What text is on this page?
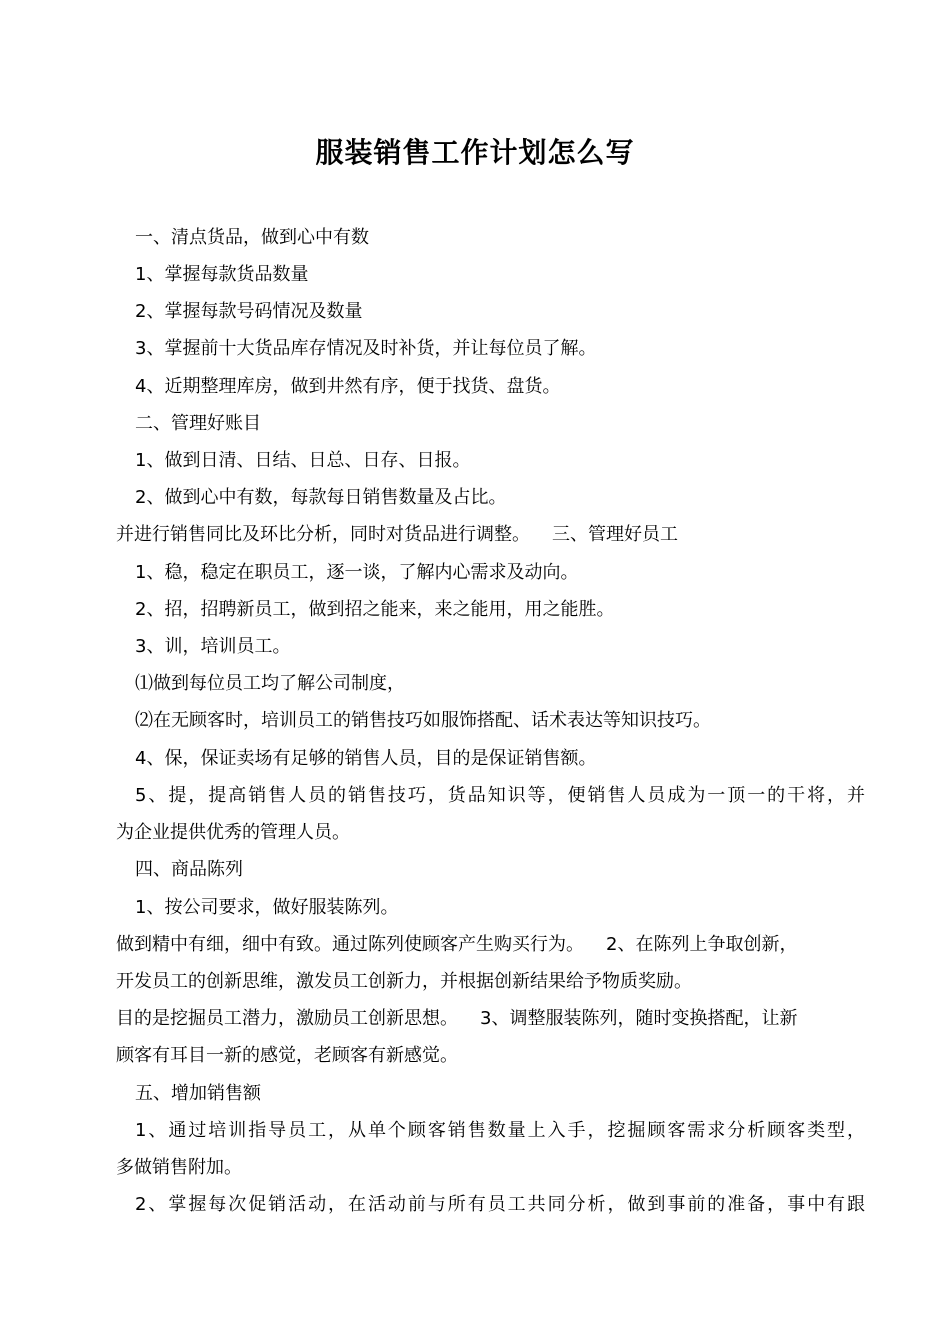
服装销售工作计划怎么写
一、清点货品，做到心中有数
1、掌握每款货品数量
2、掌握每款号码情况及数量
3、掌握前十大货品库存情况及时补货，并让每位员了解。
4、近期整理库房，做到井然有序，便于找货、盘货。
二、管理好账目
1、做到日清、日结、日总、日存、日报。
2、做到心中有数，每款每日销售数量及占比。
并进行销售同比及环比分析，同时对货品进行调整。 三、管理好员工
1、稳，稳定在职员工，逐一谈，了解内心需求及动向。
2、招，招聘新员工，做到招之能来，来之能用，用之能胜。
3、训，培训员工。
⑴做到每位员工均了解公司制度，
⑵在无顾客时，培训员工的销售技巧如服饰搭配、话术表达等知识技巧。
4、保，保证卖场有足够的销售人员，目的是保证销售额。
5、提，提高销售人员的销售技巧，货品知识等，便销售人员成为一顶一的干将，并
为企业提供优秀的管理人员。
四、商品陈列
1、按公司要求，做好服装陈列。
做到精中有细，细中有致。通过陈列使顾客产生购买行为。 2、在陈列上争取创新，
开发员工的创新思维，激发员工创新力，并根据创新结果给予物质奖励。
目的是挖掘员工潜力，激励员工创新思想。 3、调整服装陈列，随时变换搭配，让新
顾客有耳目一新的感觉，老顾客有新感觉。
五、增加销售额
1、通过培训指导员工，从单个顾客销售数量上入手，挖掘顾客需求分析顾客类型，
多做销售附加。
2、掌握每次促销活动，在活动前与所有员工共同分析，做到事前的准备，事中有跟
